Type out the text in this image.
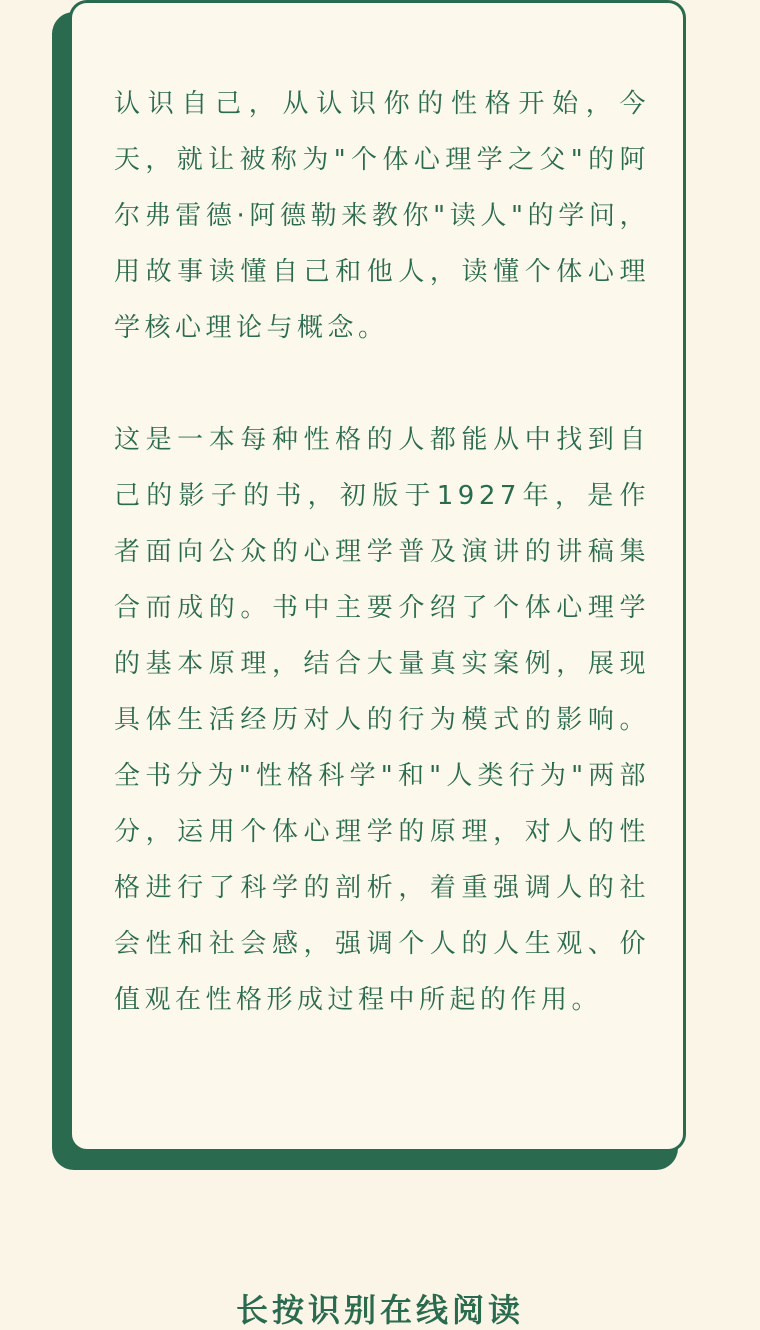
认识自己，从认识你的性格开始，今天，就让被称为"个体心理学之父"的阿尔弗雷德·阿德勒来教你"读人"的学问，用故事读懂自己和他人，读懂个体心理学核心理论与概念。

这是一本每种性格的人都能从中找到自己的影子的书，初版于1927年，是作者面向公众的心理学普及演讲的讲稿集合而成的。书中主要介绍了个体心理学的基本原理，结合大量真实案例，展现具体生活经历对人的行为模式的影响。全书分为"性格科学"和"人类行为"两部分，运用个体心理学的原理，对人的性格进行了科学的剖析，着重强调人的社会性和社会感，强调个人的人生观、价值观在性格形成过程中所起的作用。

长按识别在线阅读
